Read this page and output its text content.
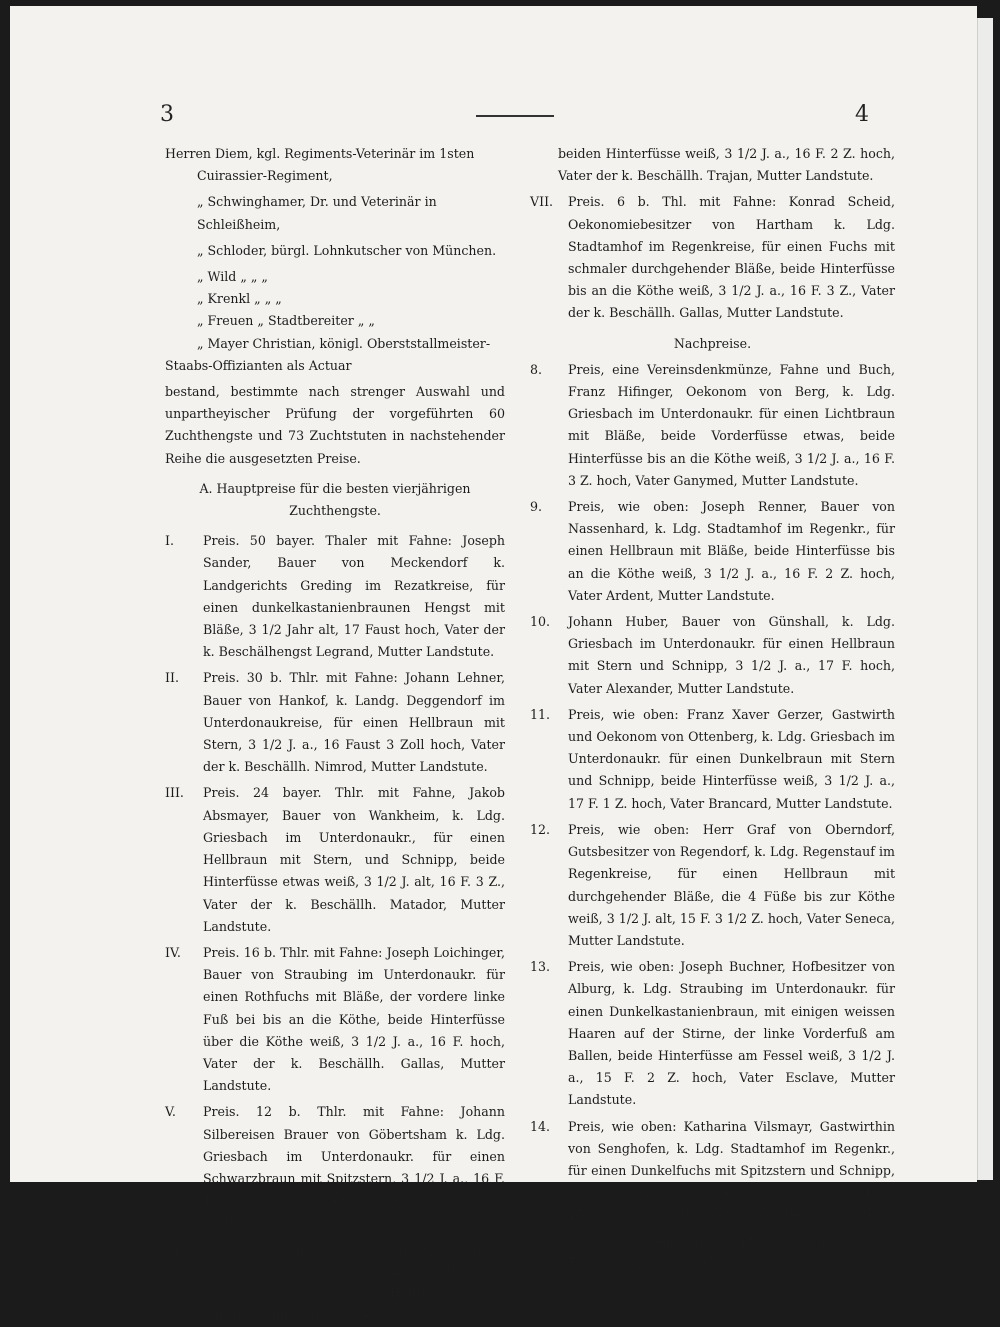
3	4

Herren Diem, kgl. Regiments-Veterinär im 1sten

Cuirassier-Regiment,

„ Schwinghamer, Dr. und Veterinär in

Schleißheim,

„ Schloder, bürgl. Lohnkutscher von München.

„ Wild „ „ „

„ Krenkl „ „ „

„ Freuen „ Stadtbereiter „ „

„ Mayer Christian, königl. Oberststallmeister-

Staabs-Offizianten als Actuar

bestand, bestimmte nach strenger Auswahl und unpartheyischer Prüfung der vorgeführten 60 Zuchthengste und 73 Zuchtstuten in nachstehender Reihe die ausgesetzten Preise.

A. Hauptpreise für die besten vierjährigen Zuchthengste.

I.	Preis. 50 bayer. Thaler mit Fahne: Joseph Sander, Bauer von Meckendorf k. Landgerichts Greding im Rezatkreise, für einen dunkelkastanienbraunen Hengst mit Bläße, 3 1/2 Jahr alt, 17 Faust hoch, Vater der k. Beschälhengst Legrand, Mutter Landstute.
II.	Preis. 30 b. Thlr. mit Fahne: Johann Lehner, Bauer von Hankof, k. Landg. Deggendorf im Unterdonaukreise, für einen Hellbraun mit Stern, 3 1/2 J. a., 16 Faust 3 Zoll hoch, Vater der k. Beschällh. Nimrod, Mutter Landstute.
III.	Preis. 24 bayer. Thlr. mit Fahne, Jakob Absmayer, Bauer von Wankheim, k. Ldg. Griesbach im Unterdonaukr., für einen Hellbraun mit Stern, und Schnipp, beide Hinterfüsse etwas weiß, 3 1/2 J. alt, 16 F. 3 Z., Vater der k. Beschällh. Matador, Mutter Landstute.
IV.	Preis. 16 b. Thlr. mit Fahne: Joseph Loichinger, Bauer von Straubing im Unterdonaukr. für einen Rothfuchs mit Bläße, der vordere linke Fuß bei bis an die Köthe, beide Hinterfüsse über die Köthe weiß, 3 1/2 J. a., 16 F. hoch, Vater der k. Beschällh. Gallas, Mutter Landstute.
V.	Preis. 12 b. Thlr. mit Fahne: Johann Silbereisen Brauer von Göbertsham k. Ldg. Griesbach im Unterdonaukr. für einen Schwarzbraun mit Spitzstern, 3 1/2 J. a., 16 F. 1 Z. hoch, Vater der k. Beschällh. Matador Mutter Landstute.
VI.	Preis. 10 b. Thlr. mit Fahne: Wolfgang Grimm, Bauer von Gotzing, k. Ldg. Miesbach im Isarkr., für einen Hellbraun mit durchgehender Bläße, die

beiden Hinterfüsse weiß, 3 1/2 J. a., 16 F. 2 Z. hoch, Vater der k. Beschällh. Trajan, Mutter Landstute.

VII.	Preis. 6 b. Thl. mit Fahne: Konrad Scheid, Oekonomiebesitzer von Hartham k. Ldg. Stadtamhof im Regenkreise, für einen Fuchs mit schmaler durchgehender Bläße, beide Hinterfüsse bis an die Köthe weiß, 3 1/2 J. a., 16 F. 3 Z., Vater der k. Beschällh. Gallas, Mutter Landstute.

Nachpreise.

8.	Preis, eine Vereinsdenkmünze, Fahne und Buch, Franz Hifinger, Oekonom von Berg, k. Ldg. Griesbach im Unterdonaukr. für einen Lichtbraun mit Bläße, beide Vorderfüsse etwas, beide Hinterfüsse bis an die Köthe weiß, 3 1/2 J. a., 16 F. 3 Z. hoch, Vater Ganymed, Mutter Landstute.
9.	Preis, wie oben: Joseph Renner, Bauer von Nassenhard, k. Ldg. Stadtamhof im Regenkr., für einen Hellbraun mit Bläße, beide Hinterfüsse bis an die Köthe weiß, 3 1/2 J. a., 16 F. 2 Z. hoch, Vater Ardent, Mutter Landstute.
10.	Johann Huber, Bauer von Günshall, k. Ldg. Griesbach im Unterdonaukr. für einen Hellbraun mit Stern und Schnipp, 3 1/2 J. a., 17 F. hoch, Vater Alexander, Mutter Landstute.
11.	Preis, wie oben: Franz Xaver Gerzer, Gastwirth und Oekonom von Ottenberg, k. Ldg. Griesbach im Unterdonaukr. für einen Dunkelbraun mit Stern und Schnipp, beide Hinterfüsse weiß, 3 1/2 J. a., 17 F. 1 Z. hoch, Vater Brancard, Mutter Landstute.
12.	Preis, wie oben: Herr Graf von Oberndorf, Gutsbesitzer von Regendorf, k. Ldg. Regenstauf im Regenkreise, für einen Hellbraun mit durchgehender Bläße, die 4 Füße bis zur Köthe weiß, 3 1/2 J. alt, 15 F. 3 1/2 Z. hoch, Vater Seneca, Mutter Landstute.
13.	Preis, wie oben: Joseph Buchner, Hofbesitzer von Alburg, k. Ldg. Straubing im Unterdonaukr. für einen Dunkelkastanienbraun, mit einigen weissen Haaren auf der Stirne, der linke Vorderfuß am Ballen, beide Hinterfüsse am Fessel weiß, 3 1/2 J. a., 15 F. 2 Z. hoch, Vater Esclave, Mutter Landstute.
14.	Preis, wie oben: Katharina Vilsmayr, Gastwirthin von Senghofen, k. Ldg. Stadtamhof im Regenkr., für einen Dunkelfuchs mit Spitzstern und Schnipp, beide Hinterfüsse bis zur Köthe weiß, 3 1/2 J. a., 15 F. 2 Z. hoch, Vater Seneca, Mutter Landstute.
15.	Preis, wie oben: Vitus Schwaiger, Oekonom von Feldkirchen, k. Ldg. Moosburg im Isarkr.,
